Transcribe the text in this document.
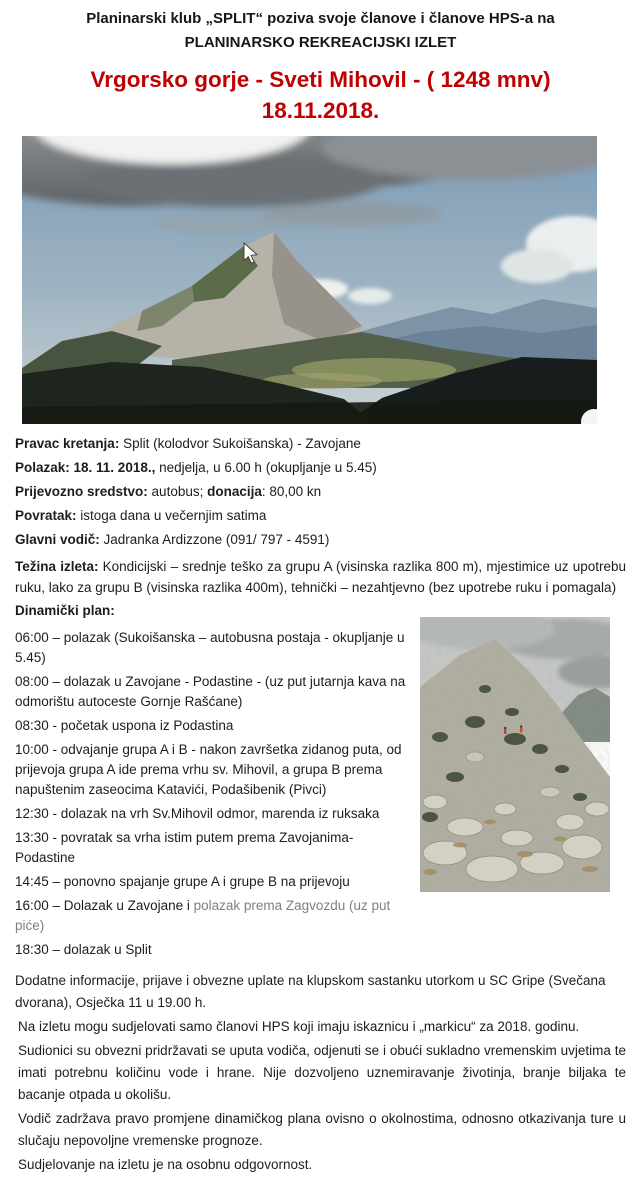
Planinarski klub „SPLIT“ poziva svoje članove i članove HPS-a na

PLANINARSKO REKREACIJSKI IZLET

Vrgorsko gorje - Sveti Mihovil - ( 1248 mnv)
18.11.2018.

Pravac kretanja: Split (kolodvor Sukoišanska) - Zavojane

Polazak: 18. 11. 2018., nedjelja, u 6.00 h (okupljanje u 5.45)

Prijevozno sredstvo: autobus; donacija: 80,00 kn

Povratak: istoga dana u večernjim satima

Glavni vodič: Jadranka Ardizzone (091/ 797 - 4591)

Težina izleta: Kondicijski – srednje teško za grupu A (visinska razlika 800 m), mjestimice uz upotrebu ruku, lako za grupu B (visinska razlika 400m), tehnički – nezahtjevno (bez upotrebe ruku i pomagala)

Dinamički plan:

06:00 – polazak (Sukoišanska – autobusna postaja - okupljanje u 5.45)

08:00 – dolazak u Zavojane - Podastine - (uz put jutarnja kava na odmorištu autoceste Gornje Rašćane)

08:30 - početak uspona iz Podastina

10:00 - odvajanje grupa A i B - nakon završetka zidanog puta, od prijevoja grupa A ide prema vrhu sv. Mihovil, a grupa B prema napuštenim zaseocima Katavići, Podašibenik (Pivci)

12:30 - dolazak na vrh Sv.Mihovil odmor, marenda iz ruksaka

13:30 - povratak sa vrha istim putem prema Zavojanima-Podastine

14:45 – ponovno spajanje grupe A i grupe B na prijevoju

16:00 – Dolazak u Zavojane i polazak prema Zagvozdu (uz put piće)

18:30 – dolazak u Split

Dodatne informacije, prijave i obvezne uplate na klupskom sastanku utorkom u SC Gripe (Svečana dvorana), Osječka 11 u 19.00 h.

Na izletu mogu sudjelovati samo članovi HPS koji imaju iskaznicu i „markicu“ za 2018. godinu.

Sudionici su obvezni pridržavati se uputa vodiča, odjenuti se i obući sukladno vremenskim uvjetima te imati potrebnu količinu vode i hrane. Nije dozvoljeno uznemiravanje životinja, branje biljaka te bacanje otpada u okolišu.

Vodič zadržava pravo promjene dinamičkog plana ovisno o okolnostima, odnosno otkazivanja ture u slučaju nepovoljne vremenske prognoze.

Sudjelovanje na izletu je na osobnu odgovornost.
